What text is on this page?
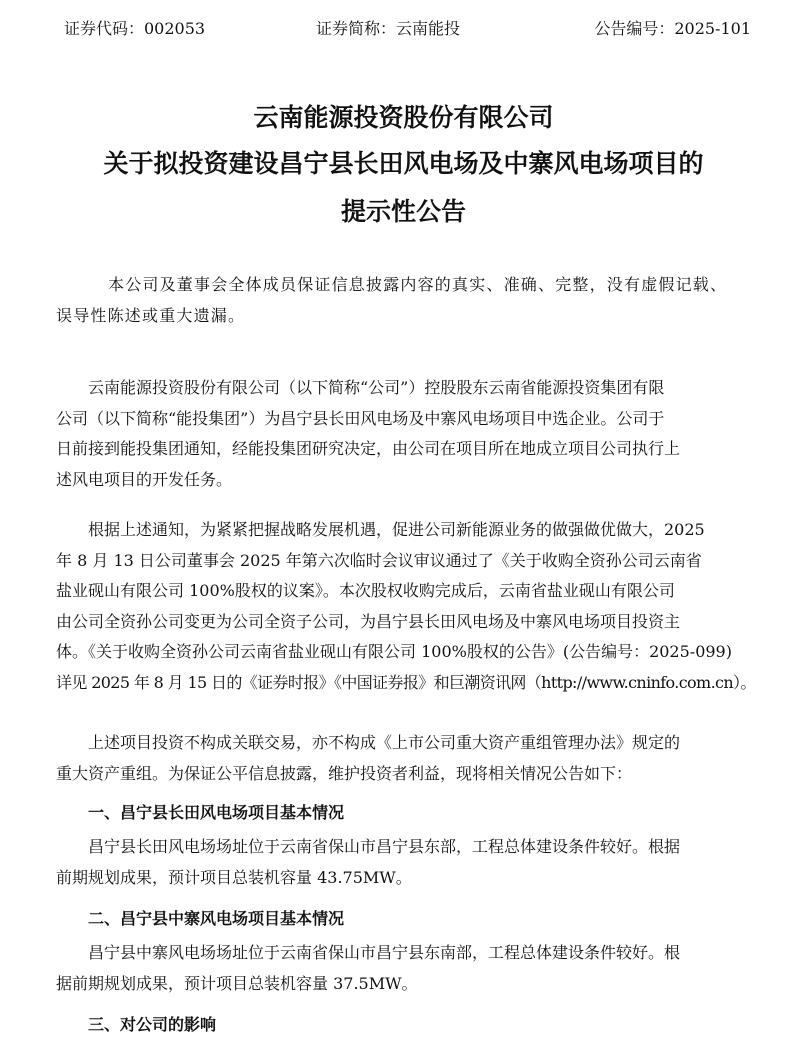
证券代码：002053	证券简称：云南能投	公告编号：2025-101
云南能源投资股份有限公司
关于拟投资建设昌宁县长田风电场及中寨风电场项目的
提示性公告
本公司及董事会全体成员保证信息披露内容的真实、准确、完整，没有虚假记载、
误导性陈述或重大遗漏。
云南能源投资股份有限公司（以下简称“公司”）控股股东云南省能源投资集团有限
公司（以下简称“能投集团”）为昌宁县长田风电场及中寨风电场项目中选企业。公司于
日前接到能投集团通知，经能投集团研究决定，由公司在项目所在地成立项目公司执行上
述风电项目的开发任务。
根据上述通知，为紧紧把握战略发展机遇，促进公司新能源业务的做强做优做大，2025
年 8 月 13 日公司董事会 2025 年第六次临时会议审议通过了《关于收购全资孙公司云南省
盐业砚山有限公司 100%股权的议案》。本次股权收购完成后，云南省盐业砚山有限公司
由公司全资孙公司变更为公司全资子公司，为昌宁县长田风电场及中寨风电场项目投资主
体。《关于收购全资孙公司云南省盐业砚山有限公司 100%股权的公告》(公告编号：2025-099)
详见 2025 年 8 月 15 日的《证券时报》《中国证券报》和巨潮资讯网（http://www.cninfo.com.cn）。
上述项目投资不构成关联交易，亦不构成《上市公司重大资产重组管理办法》规定的
重大资产重组。为保证公平信息披露，维护投资者利益，现将相关情况公告如下：
一、昌宁县长田风电场项目基本情况
昌宁县长田风电场场址位于云南省保山市昌宁县东部，工程总体建设条件较好。根据
前期规划成果，预计项目总装机容量 43.75MW。
二、昌宁县中寨风电场项目基本情况
昌宁县中寨风电场场址位于云南省保山市昌宁县东南部，工程总体建设条件较好。根
据前期规划成果，预计项目总装机容量 37.5MW。
三、对公司的影响
